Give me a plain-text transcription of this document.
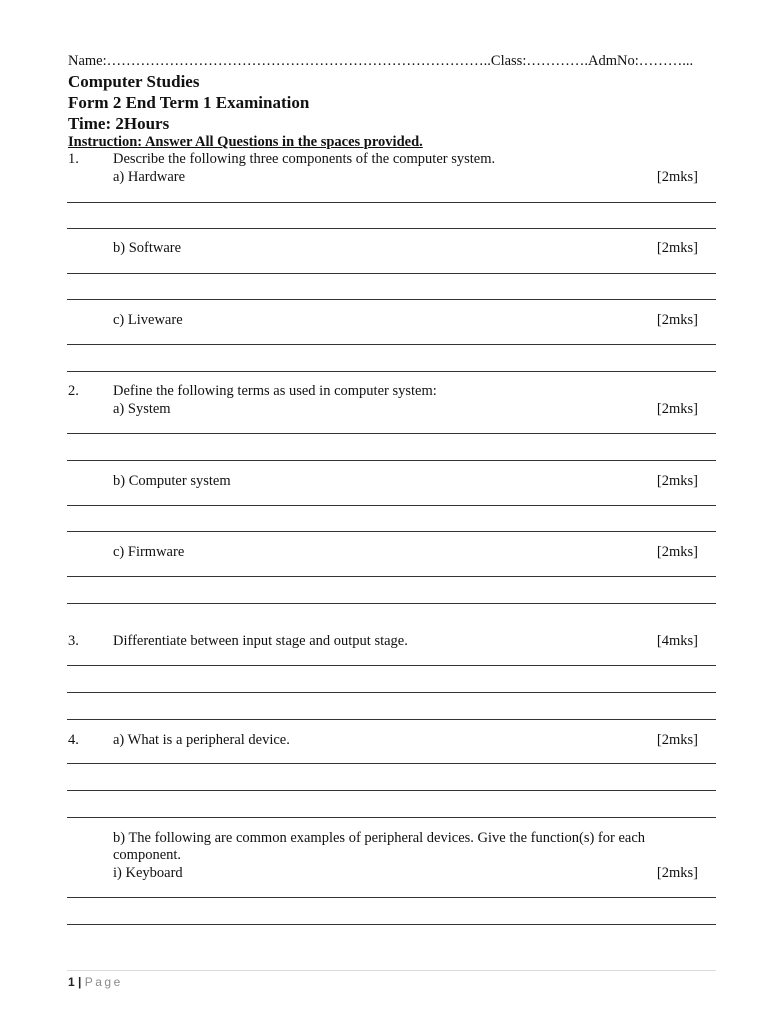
Name:……………………………………………………………………..Class:………….AdmNo:………...
Computer Studies
Form 2 End Term 1 Examination
Time: 2Hours
Instruction: Answer All Questions in the spaces provided.
1. Describe the following three components of the computer system.
a) Hardware	[2mks]
b) Software	[2mks]
c) Liveware	[2mks]
2. Define the following terms as used in computer system:
a) System	[2mks]
b) Computer system	[2mks]
c) Firmware	[2mks]
3. Differentiate between input stage and output stage.	[4mks]
4. a) What is a peripheral device.	[2mks]
b) The following are common examples of peripheral devices. Give the function(s) for each component.
i) Keyboard	[2mks]
1 | Page
